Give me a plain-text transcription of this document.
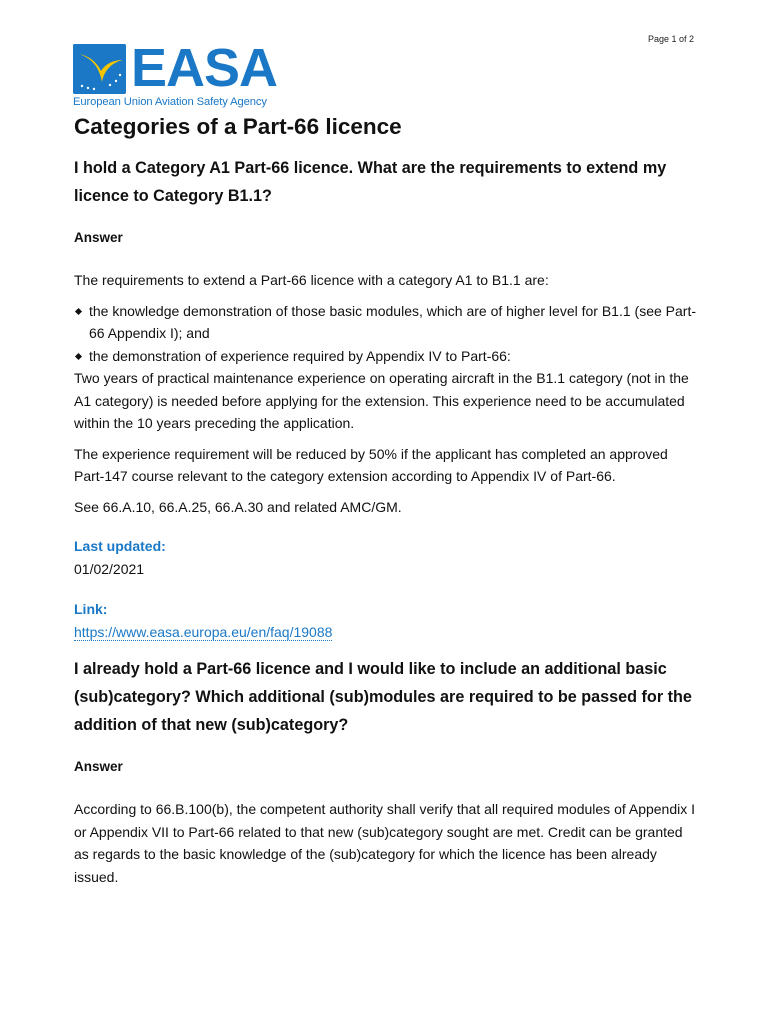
Page 1 of 2
EASA
European Union Aviation Safety Agency
Categories of a Part-66 licence
I hold a Category A1 Part-66 licence. What are the requirements to extend my licence to Category B1.1?
Answer

The requirements to extend a Part-66 licence with a category A1 to B1.1 are:

the knowledge demonstration of those basic modules, which are of higher level for B1.1 (see Part-66 Appendix I); and
the demonstration of experience required by Appendix IV to Part-66:

Two years of practical maintenance experience on operating aircraft in the B1.1 category (not in the A1 category) is needed before applying for the extension. This experience need to be accumulated within the 10 years preceding the application.

The experience requirement will be reduced by 50% if the applicant has completed an approved Part-147 course relevant to the category extension according to Appendix IV of Part-66.

See 66.A.10, 66.A.25, 66.A.30 and related AMC/GM.

Last updated:

01/02/2021

Link:

https://www.easa.europa.eu/en/faq/19088

I already hold a Part-66 licence and I would like to include an additional basic (sub)category? Which additional (sub)modules are required to be passed for the addition of that new (sub)category?
Answer

According to 66.B.100(b), the competent authority shall verify that all required modules of Appendix I or Appendix VII to Part-66 related to that new (sub)category sought are met. Credit can be granted as regards to the basic knowledge of the (sub)category for which the licence has been already issued.
